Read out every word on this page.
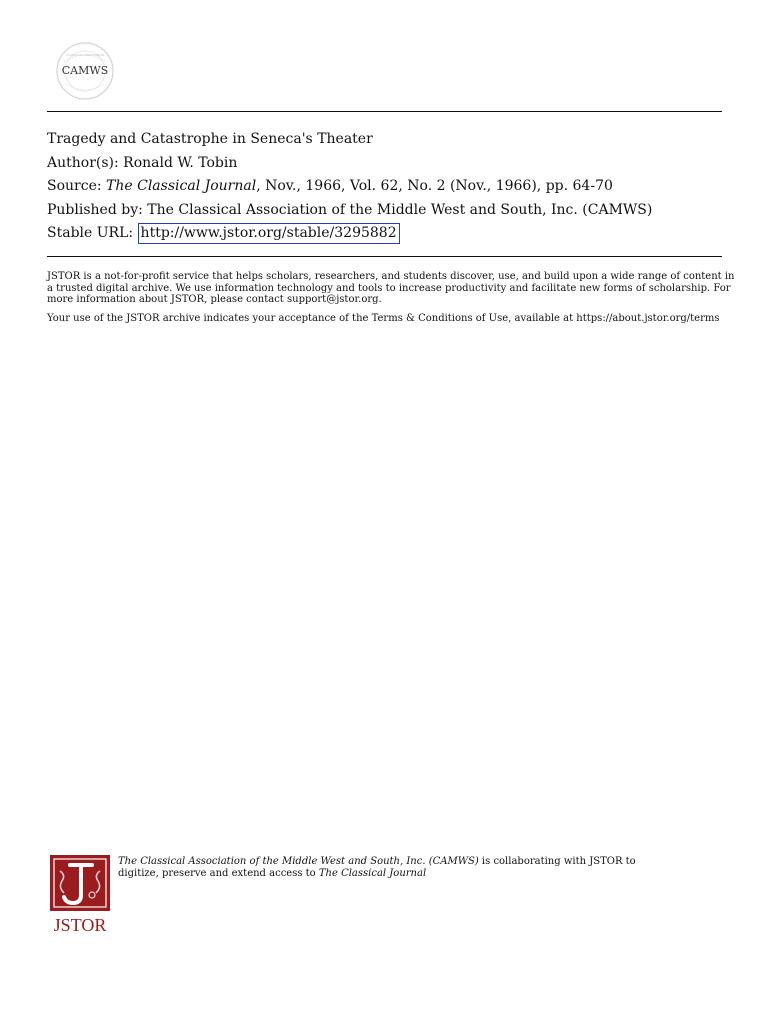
CAMWS
CLASSICAL ASSOCIATION
Tragedy and Catastrophe in Seneca's Theater
Author(s): Ronald W. Tobin
Source: The Classical Journal, Nov., 1966, Vol. 62, No. 2 (Nov., 1966), pp. 64-70
Published by: The Classical Association of the Middle West and South, Inc. (CAMWS)
Stable URL: http://www.jstor.org/stable/3295882

JSTOR is a not-for-profit service that helps scholars, researchers, and students discover, use, and build upon a wide range of content in a trusted digital archive. We use information technology and tools to increase productivity and facilitate new forms of scholarship. For more information about JSTOR, please contact support@jstor.org.

Your use of the JSTOR archive indicates your acceptance of the Terms & Conditions of Use, available at https://about.jstor.org/terms

JSTOR

The Classical Association of the Middle West and South, Inc. (CAMWS) is collaborating with JSTOR to digitize, preserve and extend access to The Classical Journal
